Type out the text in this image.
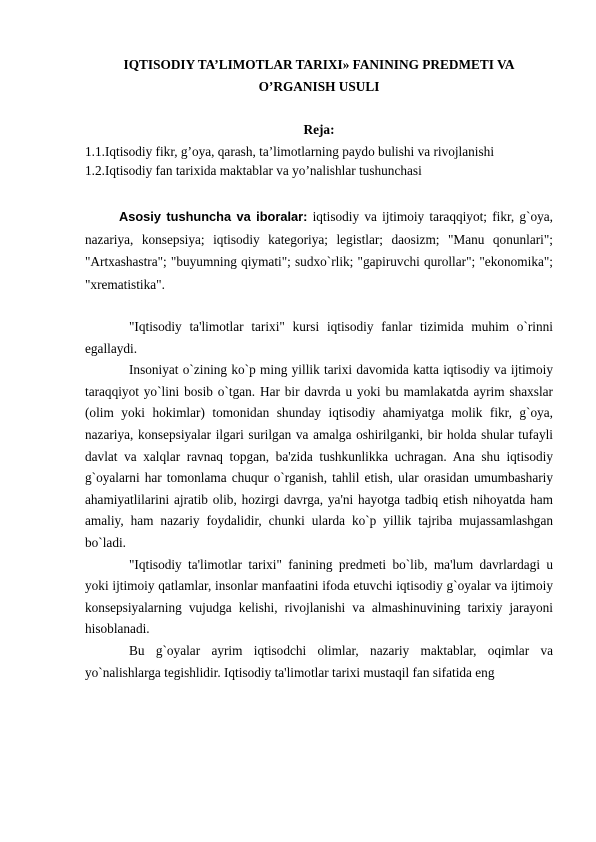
IQTISODIY TA’LIMOTLAR TARIXI» FANINING PREDMETI VA
O’RGANISH USULI

Reja:

1.1.Iqtisodiy fikr, g’oya, qarash, ta’limotlarning paydo bulishi va rivojlanishi
1.2.Iqtisodiy fan tarixida maktablar va yo’nalishlar tushunchasi

Asosiy tushuncha va iboralar: iqtisodiy va ijtimoiy taraqqiyot; fikr, g`oya, nazariya, konsepsiya; iqtisodiy kategoriya; legistlar; daosizm; "Manu qonunlari"; "Artxashastra"; "buyumning qiymati"; sudxo`rlik; "gapiruvchi qurollar"; "ekonomika"; "xrematistika".

"Iqtisodiy ta'limotlar tarixi" kursi iqtisodiy fanlar tizimida muhim o`rinni egallaydi.

Insoniyat o`zining ko`p ming yillik tarixi davomida katta iqtisodiy va ijtimoiy taraqqiyot yo`lini bosib o`tgan. Har bir davrda u yoki bu mamlakatda ayrim shaxslar (olim yoki hokimlar) tomonidan shunday iqtisodiy ahamiyatga molik fikr, g`oya, nazariya, konsepsiyalar ilgari surilgan va amalga oshirilganki, bir holda shular tufayli davlat va xalqlar ravnaq topgan, ba'zida tushkunlikka uchragan. Ana shu iqtisodiy g`oyalarni har tomonlama chuqur o`rganish, tahlil etish, ular orasidan umumbashariy ahamiyatlilarini ajratib olib, hozirgi davrga, ya'ni hayotga tadbiq etish nihoyatda ham amaliy, ham nazariy foydalidir, chunki ularda ko`p yillik tajriba mujassamlashgan bo`ladi.

"Iqtisodiy ta'limotlar tarixi" fanining predmeti bo`lib, ma'lum davrlardagi u yoki ijtimoiy qatlamlar, insonlar manfaatini ifoda etuvchi iqtisodiy g`oyalar va ijtimoiy konsepsiyalarning vujudga kelishi, rivojlanishi va almashinuvining tarixiy jarayoni hisoblanadi.

Bu g`oyalar ayrim iqtisodchi olimlar, nazariy maktablar, oqimlar va yo`nalishlarga tegishlidir. Iqtisodiy ta'limotlar tarixi mustaqil fan sifatida eng
